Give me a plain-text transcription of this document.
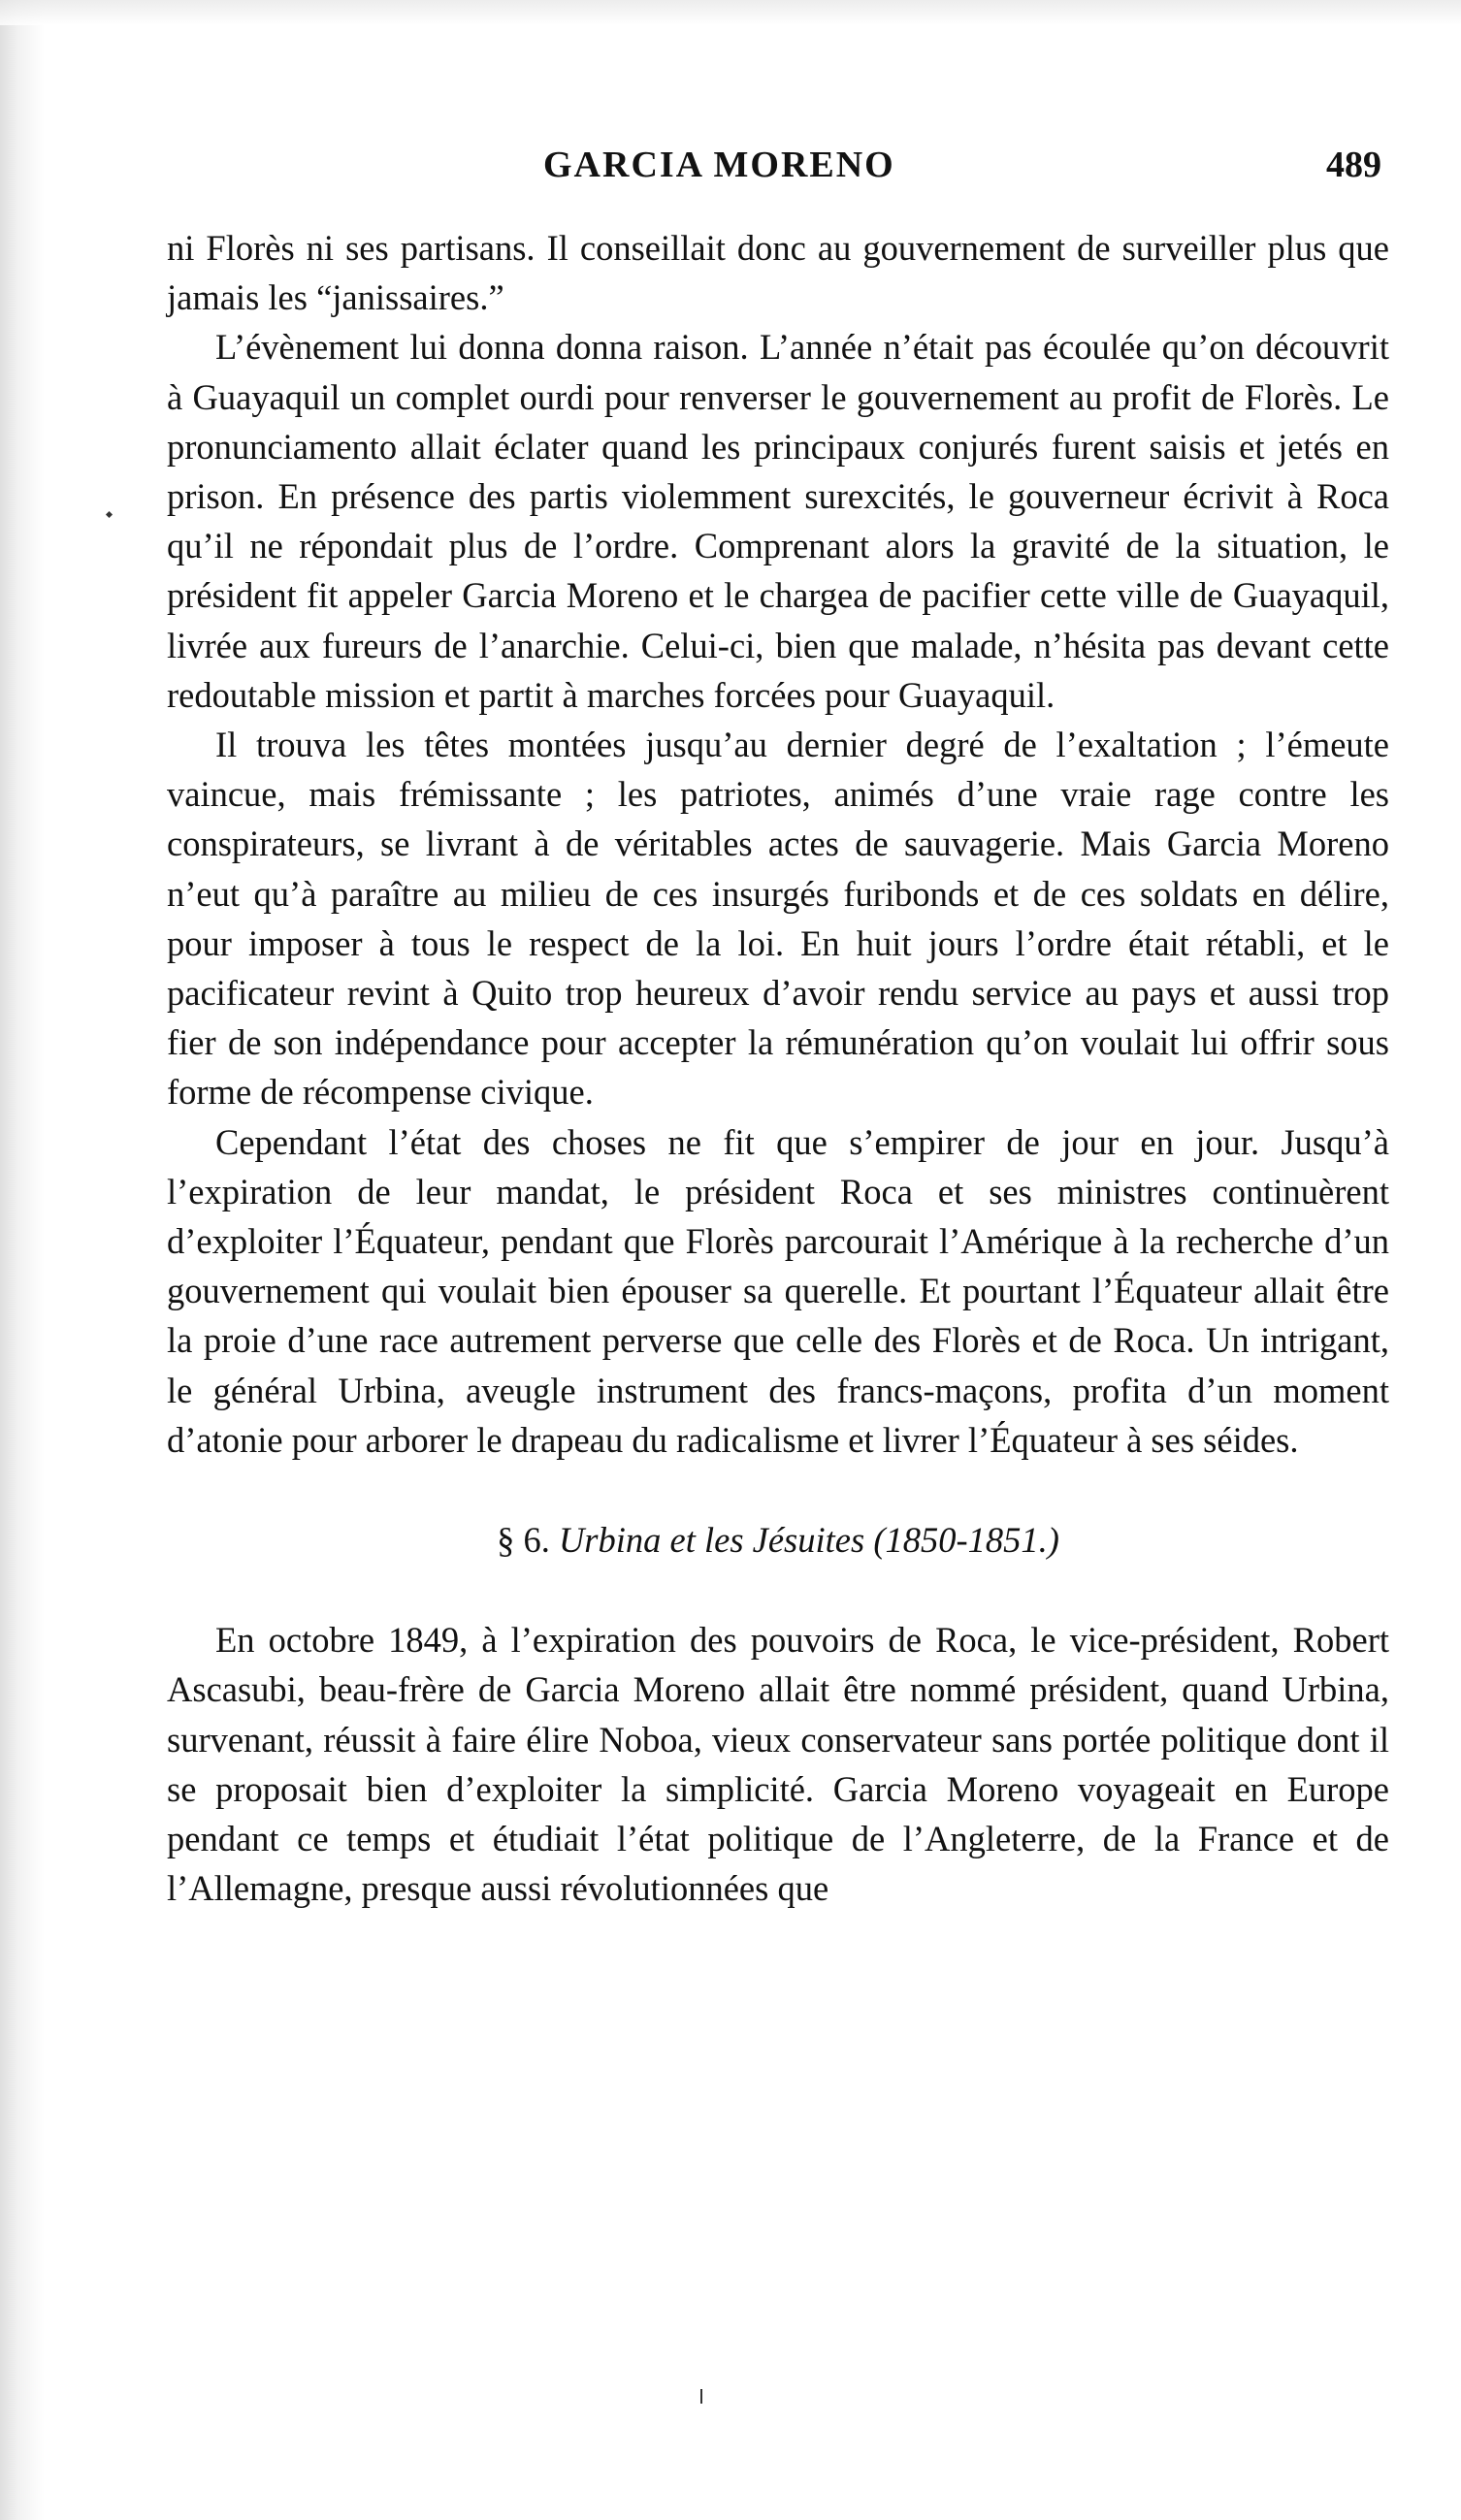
GARCIA MORENO	489

ni Florès ni ses partisans. Il conseillait donc au gouvernement de surveiller plus que jamais les “janissaires.”

L’évènement lui donna donna raison. L’année n’était pas écoulée qu’on découvrit à Guayaquil un complet ourdi pour renverser le gouvernement au profit de Florès. Le pronunciamento allait éclater quand les principaux conjurés furent saisis et jetés en prison. En présence des partis violemment surexcités, le gouverneur écrivit à Roca qu’il ne répondait plus de l’ordre. Comprenant alors la gravité de la situation, le président fit appeler Garcia Moreno et le chargea de pacifier cette ville de Guayaquil, livrée aux fureurs de l’anarchie. Celui-ci, bien que malade, n’hésita pas devant cette redoutable mission et partit à marches forcées pour Guayaquil.

Il trouva les têtes montées jusqu’au dernier degré de l’exaltation ; l’émeute vaincue, mais frémissante ; les patriotes, animés d’une vraie rage contre les conspirateurs, se livrant à de véritables actes de sauvagerie. Mais Garcia Moreno n’eut qu’à paraître au milieu de ces insurgés furibonds et de ces soldats en délire, pour imposer à tous le respect de la loi. En huit jours l’ordre était rétabli, et le pacificateur revint à Quito trop heureux d’avoir rendu service au pays et aussi trop fier de son indépendance pour accepter la rémunération qu’on voulait lui offrir sous forme de récompense civique.

Cependant l’état des choses ne fit que s’empirer de jour en jour. Jusqu’à l’expiration de leur mandat, le président Roca et ses ministres continuèrent d’exploiter l’Équateur, pendant que Florès parcourait l’Amérique à la recherche d’un gouvernement qui voulait bien épouser sa querelle. Et pourtant l’Équateur allait être la proie d’une race autrement perverse que celle des Florès et de Roca. Un intrigant, le général Urbina, aveugle instrument des francs-maçons, profita d’un moment d’atonie pour arborer le drapeau du radicalisme et livrer l’Équateur à ses séides.

§ 6. Urbina et les Jésuites (1850-1851.)

En octobre 1849, à l’expiration des pouvoirs de Roca, le vice-président, Robert Ascasubi, beau-frère de Garcia Moreno allait être nommé président, quand Urbina, survenant, réussit à faire élire Noboa, vieux conservateur sans portée politique dont il se proposait bien d’exploiter la simplicité. Garcia Moreno voyageait en Europe pendant ce temps et étudiait l’état politique de l’Angleterre, de la France et de l’Allemagne, presque aussi révolutionnées que
